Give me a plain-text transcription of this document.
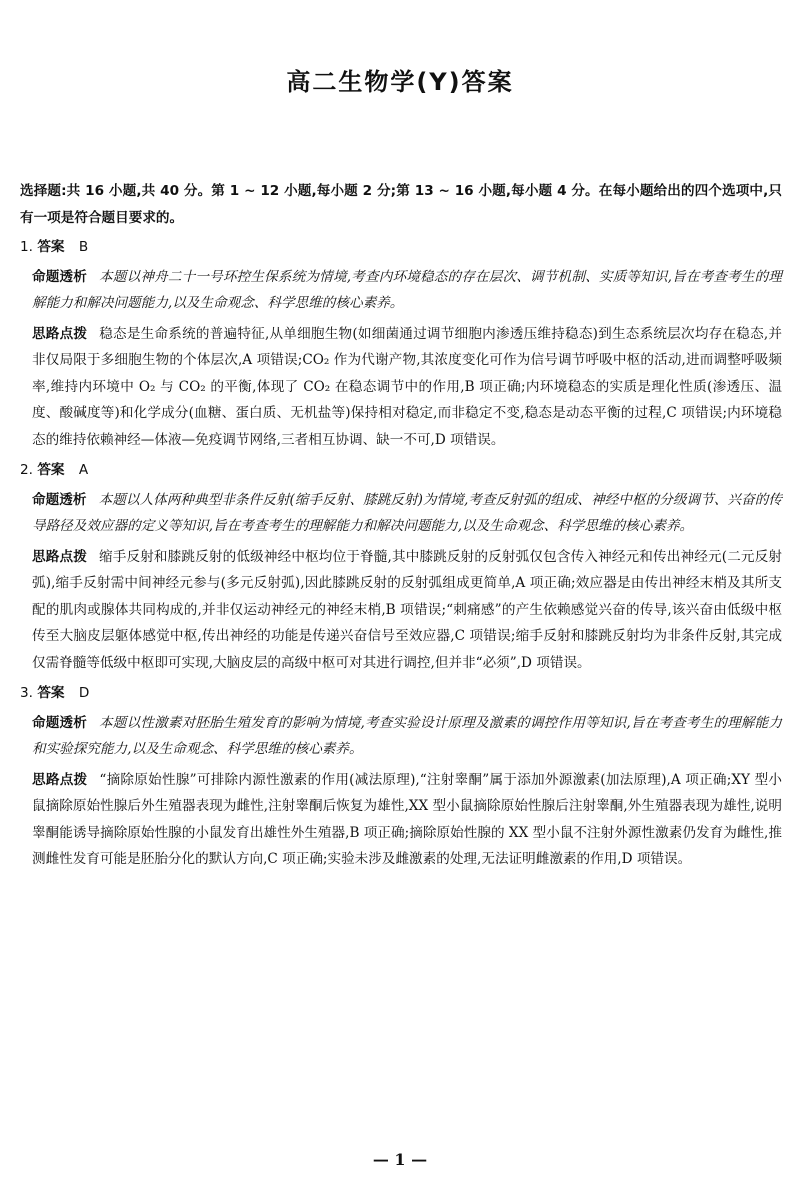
高二生物学(Y)答案

选择题:共 16 小题,共 40 分。第 1 ~ 12 小题,每小题 2 分;第 13 ~ 16 小题,每小题 4 分。在每小题给出的四个选项中,只有一项是符合题目要求的。

1. 答案 B

命题透析 本题以神舟二十一号环控生保系统为情境,考查内环境稳态的存在层次、调节机制、实质等知识,旨在考查考生的理解能力和解决问题能力,以及生命观念、科学思维的核心素养。

思路点拨 稳态是生命系统的普遍特征,从单细胞生物(如细菌通过调节细胞内渗透压维持稳态)到生态系统层次均存在稳态,并非仅局限于多细胞生物的个体层次,A 项错误;CO₂ 作为代谢产物,其浓度变化可作为信号调节呼吸中枢的活动,进而调整呼吸频率,维持内环境中 O₂ 与 CO₂ 的平衡,体现了 CO₂ 在稳态调节中的作用,B 项正确;内环境稳态的实质是理化性质(渗透压、温度、酸碱度等)和化学成分(血糖、蛋白质、无机盐等)保持相对稳定,而非稳定不变,稳态是动态平衡的过程,C 项错误;内环境稳态的维持依赖神经—体液—免疫调节网络,三者相互协调、缺一不可,D 项错误。

2. 答案 A

命题透析 本题以人体两种典型非条件反射(缩手反射、膝跳反射)为情境,考查反射弧的组成、神经中枢的分级调节、兴奋的传导路径及效应器的定义等知识,旨在考查考生的理解能力和解决问题能力,以及生命观念、科学思维的核心素养。

思路点拨 缩手反射和膝跳反射的低级神经中枢均位于脊髓,其中膝跳反射的反射弧仅包含传入神经元和传出神经元(二元反射弧),缩手反射需中间神经元参与(多元反射弧),因此膝跳反射的反射弧组成更简单,A 项正确;效应器是由传出神经末梢及其所支配的肌肉或腺体共同构成的,并非仅运动神经元的神经末梢,B 项错误;“刺痛感”的产生依赖感觉兴奋的传导,该兴奋由低级中枢传至大脑皮层躯体感觉中枢,传出神经的功能是传递兴奋信号至效应器,C 项错误;缩手反射和膝跳反射均为非条件反射,其完成仅需脊髓等低级中枢即可实现,大脑皮层的高级中枢可对其进行调控,但并非“必须”,D 项错误。

3. 答案 D

命题透析 本题以性激素对胚胎生殖发育的影响为情境,考查实验设计原理及激素的调控作用等知识,旨在考查考生的理解能力和实验探究能力,以及生命观念、科学思维的核心素养。

思路点拨 “摘除原始性腺”可排除内源性激素的作用(减法原理),“注射睾酮”属于添加外源激素(加法原理),A 项正确;XY 型小鼠摘除原始性腺后外生殖器表现为雌性,注射睾酮后恢复为雄性,XX 型小鼠摘除原始性腺后注射睾酮,外生殖器表现为雄性,说明睾酮能诱导摘除原始性腺的小鼠发育出雄性外生殖器,B 项正确;摘除原始性腺的 XX 型小鼠不注射外源性激素仍发育为雌性,推测雌性发育可能是胚胎分化的默认方向,C 项正确;实验未涉及雌激素的处理,无法证明雌激素的作用,D 项错误。

— 1 —
